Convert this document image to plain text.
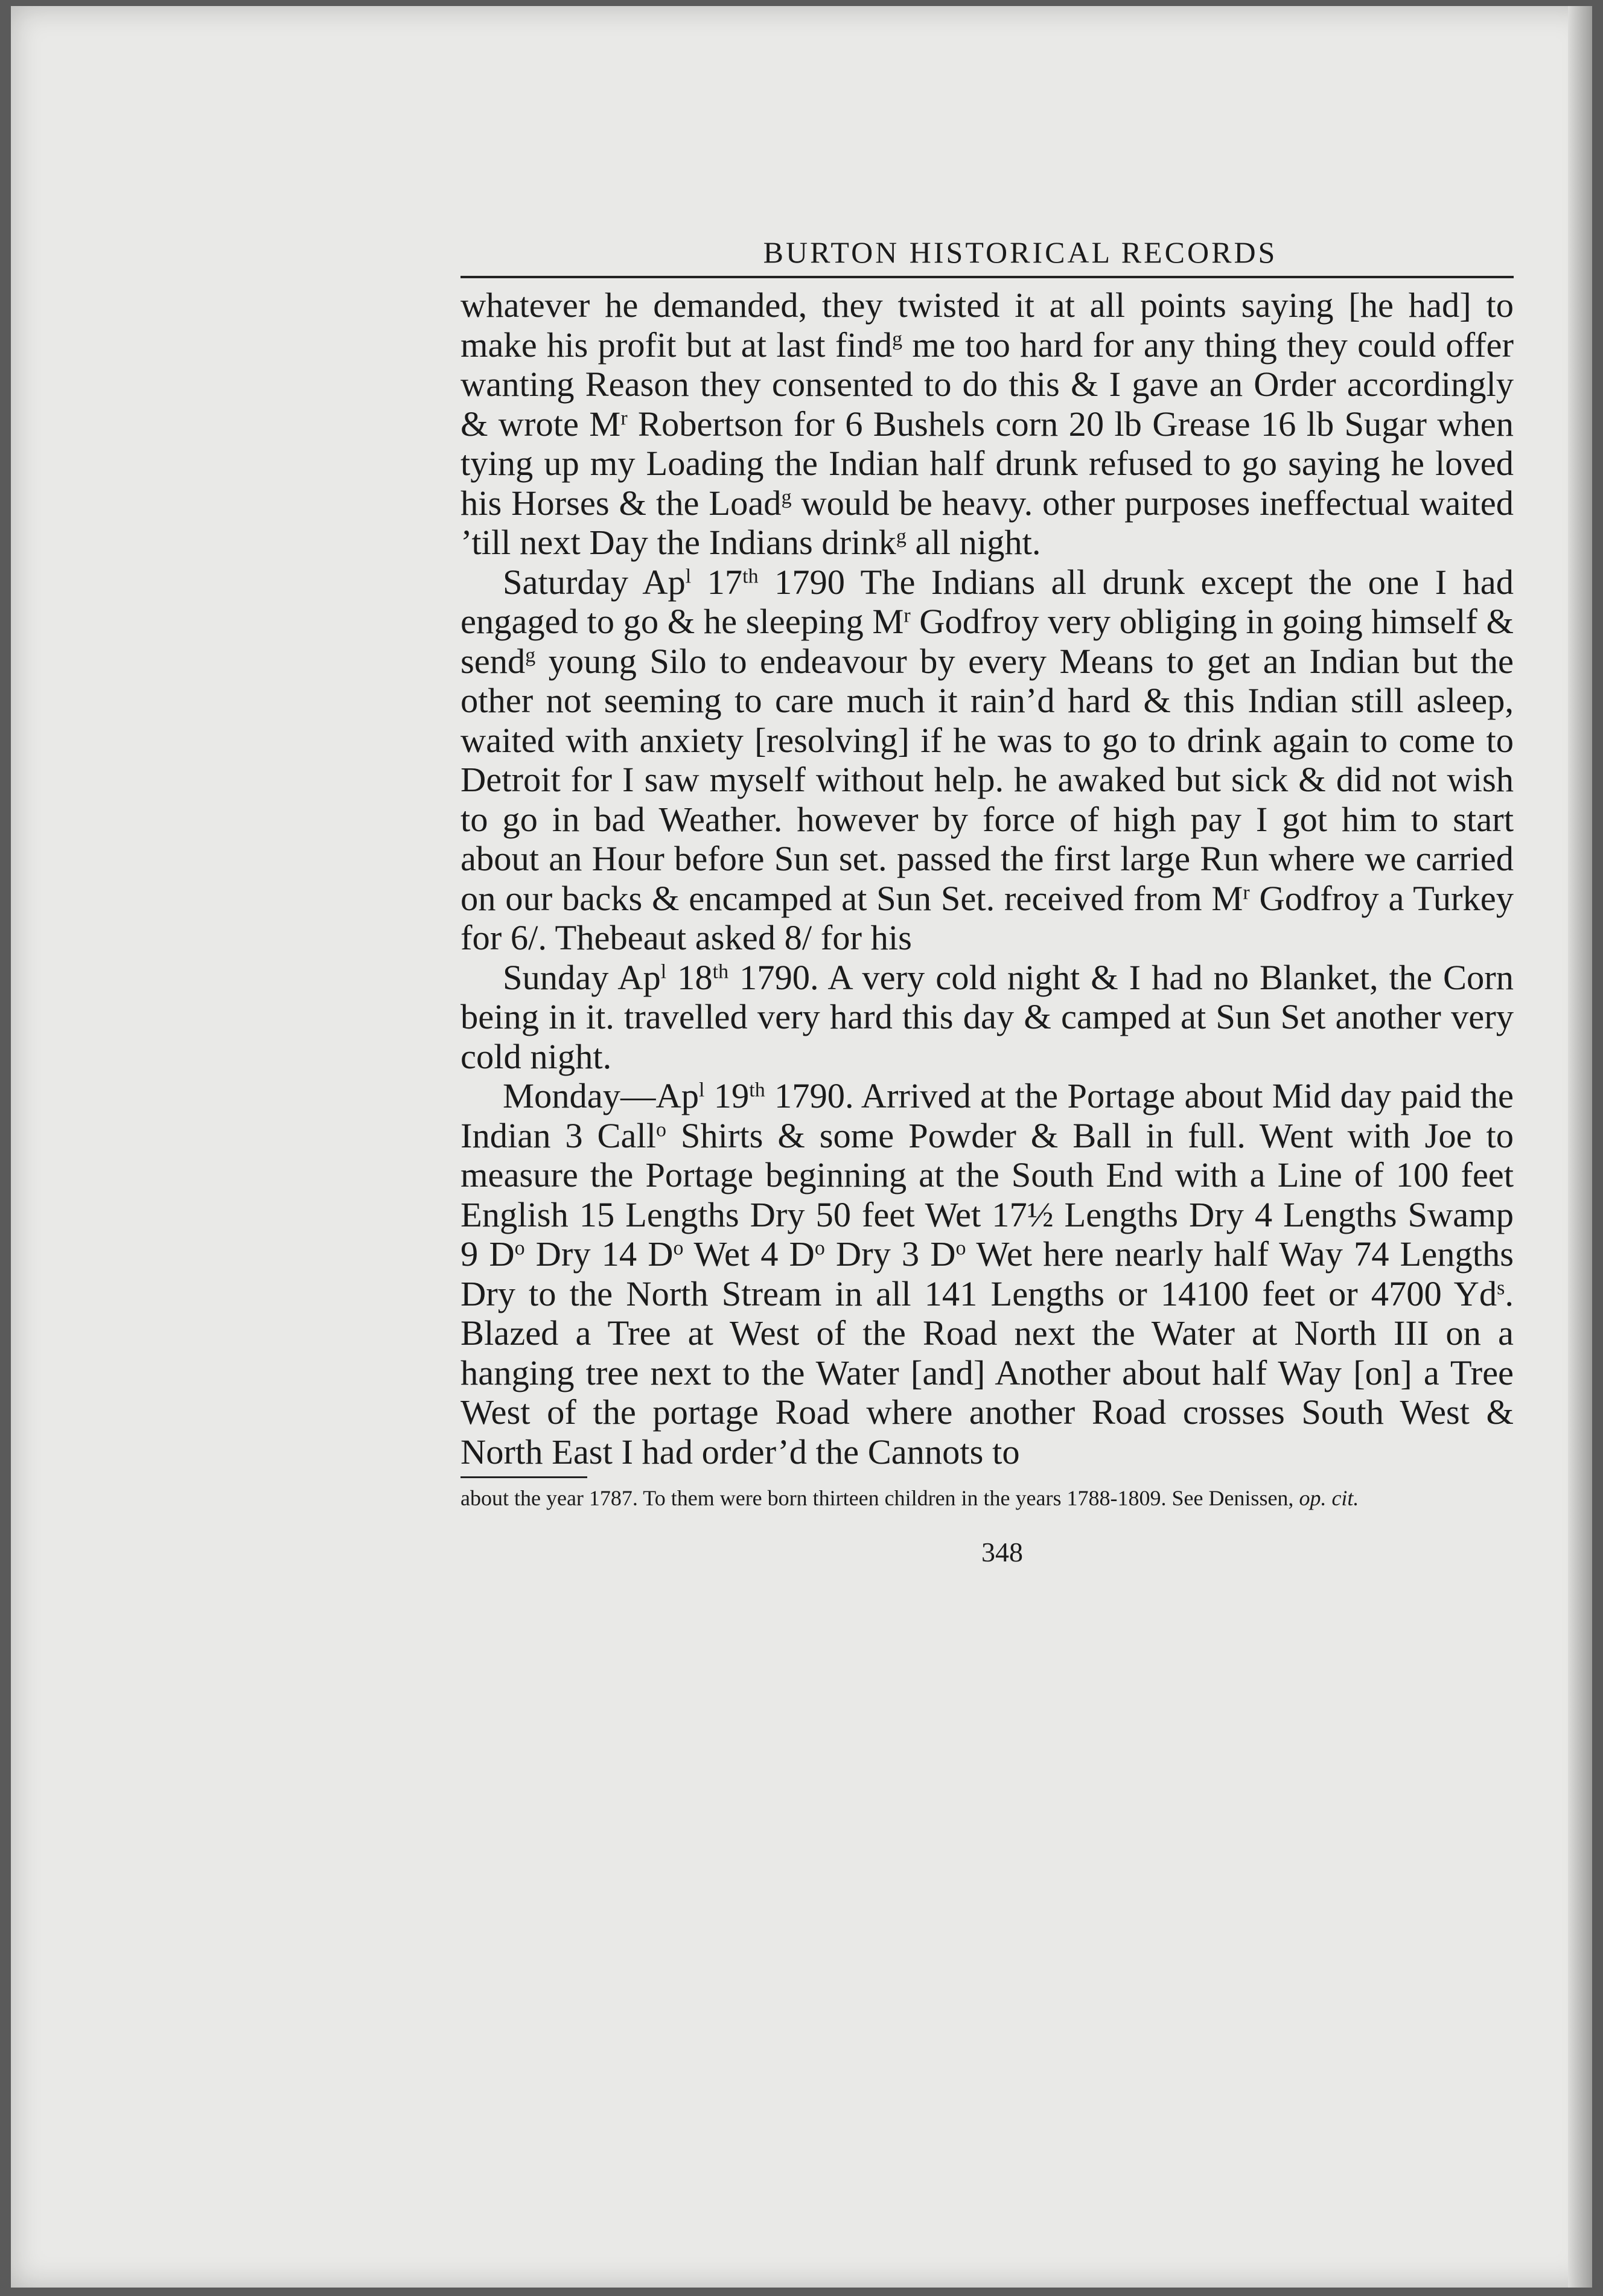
BURTON HISTORICAL RECORDS

whatever he demanded, they twisted it at all points saying [he had] to make his profit but at last find$^g$ me too hard for any thing they could offer wanting Reason they consented to do this & I gave an Order accordingly & wrote $M^r$ Robertson for 6 Bushels corn 20 lb Grease 16 lb Sugar when tying up my Loading the Indian half drunk refused to go saying he loved his Horses & the Load$^g$ would be heavy. other purposes ineffectual waited ’till next Day the Indians drink$^g$ all night.

Saturday Ap$^l$ 17th 1790 The Indians all drunk except the one I had engaged to go & he sleeping $M^r$ Godfroy very obliging in going himself & send$^g$ young Silo to endeavour by every Means to get an Indian but the other not seeming to care much it rain’d hard & this Indian still asleep, waited with anxiety [resolving] if he was to go to drink again to come to Detroit for I saw myself without help. he awaked but sick & did not wish to go in bad Weather. however by force of high pay I got him to start about an Hour before Sun set. passed the first large Run where we carried on our backs & encamped at Sun Set. received from $M^r$ Godfroy a Turkey for 6/. Thebeaut asked 8/ for his

Sunday Ap$^l$ 18th 1790. A very cold night & I had no Blanket, the Corn being in it. travelled very hard this day & camped at Sun Set another very cold night.

Monday—Ap$^l$ 19th 1790. Arrived at the Portage about Mid day paid the Indian 3 Call$^o$ Shirts & some Powder & Ball in full. Went with Joe to measure the Portage beginning at the South End with a Line of 100 feet English 15 Lengths Dry 50 feet Wet 17½ Lengths Dry 4 Lengths Swamp 9 $D^o$ Dry 14 $D^o$ Wet 4 $D^o$ Dry 3 $D^o$ Wet here nearly half Way 74 Lengths Dry to the North Stream in all 141 Lengths or 14100 feet or 4700 Yd$^s$. Blazed a Tree at West of the Road next the Water at North III on a hanging tree next to the Water [and] Another about half Way [on] a Tree West of the portage Road where another Road crosses South West & North East I had order’d the Cannots to

about the year 1787. To them were born thirteen children in the years 1788-1809. See Denissen, op. cit.

348
